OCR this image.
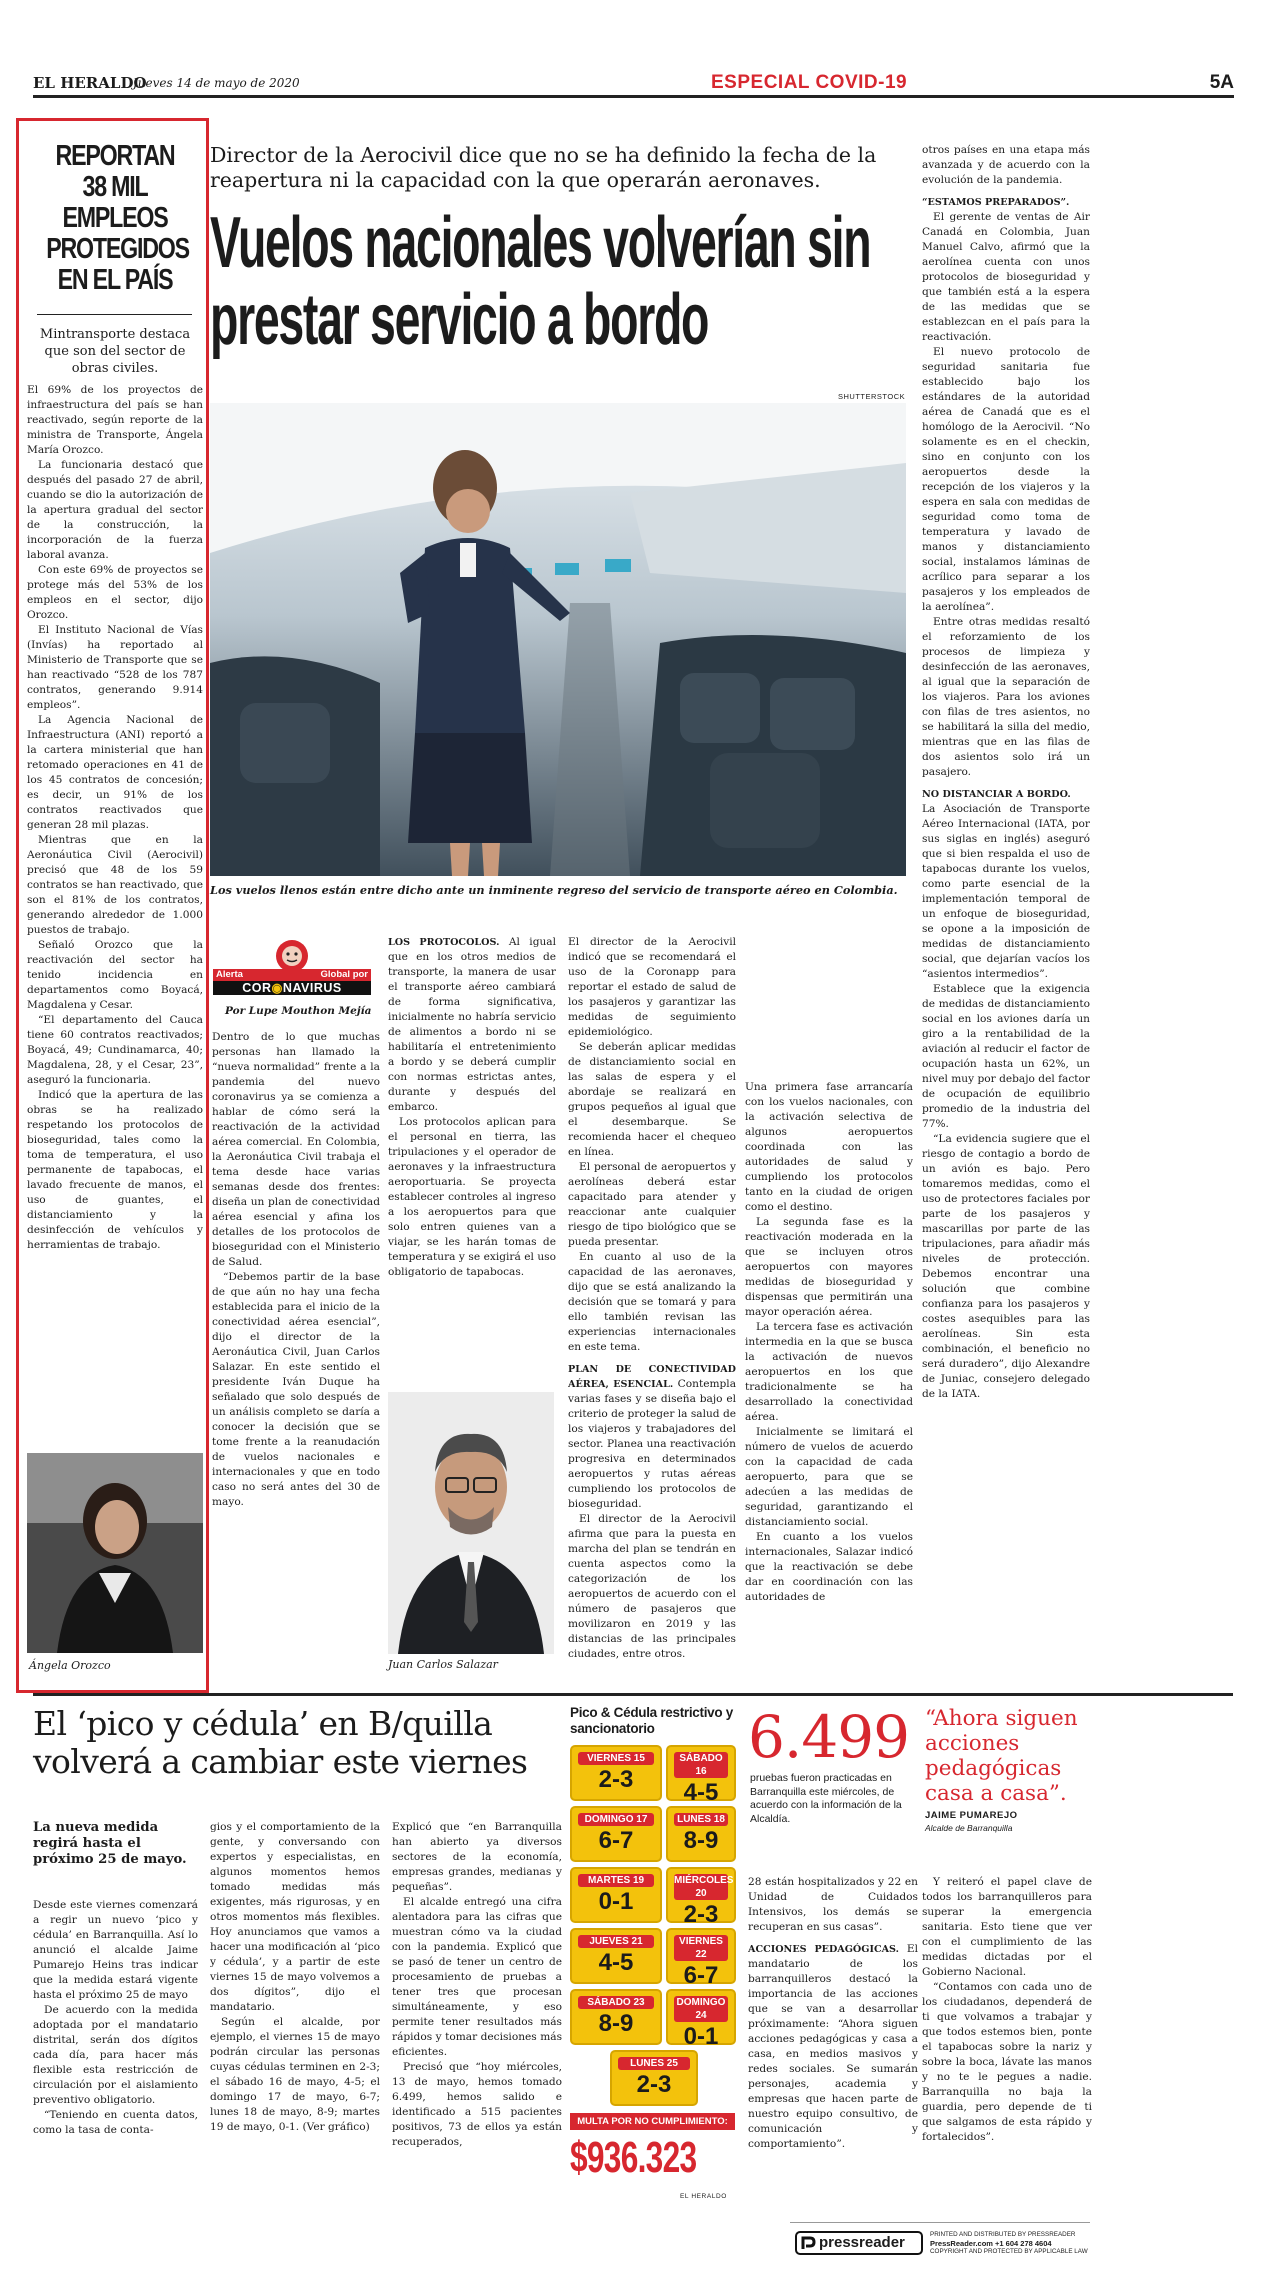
EL HERALDO
Jueves 14 de mayo de 2020	ESPECIAL COVID-19	5A
REPORTAN 38 MIL EMPLEOS PROTEGIDOS EN EL PAÍS
Mintransporte destaca que son del sector de obras civiles.

El 69% de los proyectos de infraestructura del país se han reactivado, según reporte de la ministra de Transporte, Ángela María Orozco.

La funcionaria destacó que después del pasado 27 de abril, cuando se dio la autorización de la apertura gradual del sector de la construcción, la incorporación de la fuerza laboral avanza.

Con este 69% de proyectos se protege más del 53% de los empleos en el sector, dijo Orozco.

El Instituto Nacional de Vías (Invías) ha reportado al Ministerio de Transporte que se han reactivado “528 de los 787 contratos, generando 9.914 empleos”.

La Agencia Nacional de Infraestructura (ANI) reportó a la cartera ministerial que han retomado operaciones en 41 de los 45 contratos de concesión; es decir, un 91% de los contratos reactivados que generan 28 mil plazas.

Mientras que en la Aeronáutica Civil (Aerocivil) precisó que 48 de los 59 contratos se han reactivado, que son el 81% de los contratos, generando alrededor de 1.000 puestos de trabajo.

Señaló Orozco que la reactivación del sector ha tenido incidencia en departamentos como Boyacá, Magdalena y Cesar.

“El departamento del Cauca tiene 60 contratos reactivados; Boyacá, 49; Cundinamarca, 40; Magdalena, 28, y el Cesar, 23”, aseguró la funcionaria.

Indicó que la apertura de las obras se ha realizado respetando los protocolos de bioseguridad, tales como la toma de temperatura, el uso permanente de tapabocas, el lavado frecuente de manos, el uso de guantes, el distanciamiento y la desinfección de vehículos y herramientas de trabajo.

Ángela Orozco
Director de la Aerocivil dice que no se ha definido la fecha de la reapertura ni la capacidad con la que operarán aeronaves.
Vuelos nacionales volverían sin prestar servicio a bordo
SHUTTERSTOCK
Los vuelos llenos están entre dicho ante un inminente regreso del servicio de transporte aéreo en Colombia.
Alerta	Global por
COR◉NAVIRUS
Por Lupe Mouthon Mejía

Dentro de lo que muchas personas han llamado la “nueva normalidad” frente a la pandemia del nuevo coronavirus ya se comienza a hablar de cómo será la reactivación de la actividad aérea comercial. En Colombia, la Aeronáutica Civil trabaja el tema desde hace varias semanas desde dos frentes: diseña un plan de conectividad aérea esencial y afina los detalles de los protocolos de bioseguridad con el Ministerio de Salud.

“Debemos partir de la base de que aún no hay una fecha establecida para el inicio de la conectividad aérea esencial”, dijo el director de la Aeronáutica Civil, Juan Carlos Salazar. En este sentido el presidente Iván Duque ha señalado que solo después de un análisis completo se daría a conocer la decisión que se tome frente a la reanudación de vuelos nacionales e internacionales y que en todo caso no será antes del 30 de mayo.

LOS PROTOCOLOS. Al igual que en los otros medios de transporte, la manera de usar el transporte aéreo cambiará de forma significativa, inicialmente no habría servicio de alimentos a bordo ni se habilitaría el entretenimiento a bordo y se deberá cumplir con normas estrictas antes, durante y después del embarco.

Los protocolos aplican para el personal en tierra, las tripulaciones y el operador de aeronaves y la infraestructura aeroportuaria. Se proyecta establecer controles al ingreso a los aeropuertos para que solo entren quienes van a viajar, se les harán tomas de temperatura y se exigirá el uso obligatorio de tapabocas.

Juan Carlos Salazar

El director de la Aerocivil indicó que se recomendará el uso de la Coronapp para reportar el estado de salud de los pasajeros y garantizar las medidas de seguimiento epidemiológico.

Se deberán aplicar medidas de distanciamiento social en las salas de espera y el abordaje se realizará en grupos pequeños al igual que el desembarque. Se recomienda hacer el chequeo en línea.

El personal de aeropuertos y aerolíneas deberá estar capacitado para atender y reaccionar ante cualquier riesgo de tipo biológico que se pueda presentar.

En cuanto al uso de la capacidad de las aeronaves, dijo que se está analizando la decisión que se tomará y para ello también revisan las experiencias internacionales en este tema.

PLAN DE CONECTIVIDAD AÉREA, ESENCIAL. Contempla varias fases y se diseña bajo el criterio de proteger la salud de los viajeros y trabajadores del sector. Planea una reactivación progresiva en determinados aeropuertos y rutas aéreas cumpliendo los protocolos de bioseguridad.

El director de la Aerocivil afirma que para la puesta en marcha del plan se tendrán en cuenta aspectos como la categorización de los aeropuertos de acuerdo con el número de pasajeros que movilizaron en 2019 y las distancias de las principales ciudades, entre otros.

Una primera fase arrancaría con los vuelos nacionales, con la activación selectiva de algunos aeropuertos coordinada con las autoridades de salud y cumpliendo los protocolos tanto en la ciudad de origen como el destino.

La segunda fase es la reactivación moderada en la que se incluyen otros aeropuertos con mayores medidas de bioseguridad y dispensas que permitirán una mayor operación aérea.

La tercera fase es activación intermedia en la que se busca la activación de nuevos aeropuertos en los que tradicionalmente se ha desarrollado la conectividad aérea.

Inicialmente se limitará el número de vuelos de acuerdo con la capacidad de cada aeropuerto, para que se adecúen a las medidas de seguridad, garantizando el distanciamiento social.

En cuanto a los vuelos internacionales, Salazar indicó que la reactivación se debe dar en coordinación con las autoridades de

otros países en una etapa más avanzada y de acuerdo con la evolución de la pandemia.

“ESTAMOS PREPARADOS”.

El gerente de ventas de Air Canadá en Colombia, Juan Manuel Calvo, afirmó que la aerolínea cuenta con unos protocolos de bioseguridad y que también está a la espera de las medidas que se establezcan en el país para la reactivación.

El nuevo protocolo de seguridad sanitaria fue establecido bajo los estándares de la autoridad aérea de Canadá que es el homólogo de la Aerocivil. “No solamente es en el checkin, sino en conjunto con los aeropuertos desde la recepción de los viajeros y la espera en sala con medidas de seguridad como toma de temperatura y lavado de manos y distanciamiento social, instalamos láminas de acrílico para separar a los pasajeros y los empleados de la aerolínea”.

Entre otras medidas resaltó el reforzamiento de los procesos de limpieza y desinfección de las aeronaves, al igual que la separación de los viajeros. Para los aviones con filas de tres asientos, no se habilitará la silla del medio, mientras que en las filas de dos asientos solo irá un pasajero.

NO DISTANCIAR A BORDO.

La Asociación de Transporte Aéreo Internacional (IATA, por sus siglas en inglés) aseguró que si bien respalda el uso de tapabocas durante los vuelos, como parte esencial de la implementación temporal de un enfoque de bioseguridad, se opone a la imposición de medidas de distanciamiento social, que dejarían vacíos los “asientos intermedios”.

Establece que la exigencia de medidas de distanciamiento social en los aviones daría un giro a la rentabilidad de la aviación al reducir el factor de ocupación hasta un 62%, un nivel muy por debajo del factor de ocupación de equilibrio promedio de la industria del 77%.

“La evidencia sugiere que el riesgo de contagio a bordo de un avión es bajo. Pero tomaremos medidas, como el uso de protectores faciales por parte de los pasajeros y mascarillas por parte de las tripulaciones, para añadir más niveles de protección. Debemos encontrar una solución que combine confianza para los pasajeros y costes asequibles para las aerolíneas. Sin esta combinación, el beneficio no será duradero”, dijo Alexandre de Juniac, consejero delegado de la IATA.

El ‘pico y cédula’ en B/quilla volverá a cambiar este viernes
La nueva medida regirá hasta el próximo 25 de mayo.

Desde este viernes comenzará a regir un nuevo ‘pico y cédula’ en Barranquilla. Así lo anunció el alcalde Jaime Pumarejo Heins tras indicar que la medida estará vigente hasta el próximo 25 de mayo

De acuerdo con la medida adoptada por el mandatario distrital, serán dos dígitos cada día, para hacer más flexible esta restricción de circulación por el aislamiento preventivo obligatorio.

“Teniendo en cuenta datos, como la tasa de conta-

gios y el comportamiento de la gente, y conversando con expertos y especialistas, en algunos momentos hemos tomado medidas más exigentes, más rigurosas, y en otros momentos más flexibles. Hoy anunciamos que vamos a hacer una modificación al ‘pico y cédula’, y a partir de este viernes 15 de mayo volvemos a dos dígitos”, dijo el mandatario.

Según el alcalde, por ejemplo, el viernes 15 de mayo podrán circular las personas cuyas cédulas terminen en 2-3; el sábado 16 de mayo, 4-5; el domingo 17 de mayo, 6-7; lunes 18 de mayo, 8-9; martes 19 de mayo, 0-1. (Ver gráfico)

Explicó que “en Barranquilla han abierto ya diversos sectores de la economía, empresas grandes, medianas y pequeñas”.

El alcalde entregó una cifra alentadora para las cifras que muestran cómo va la ciudad con la pandemia. Explicó que se pasó de tener un centro de procesamiento de pruebas a tener tres que procesan simultáneamente, y eso permite tener resultados más rápidos y tomar decisiones más eficientes.

Precisó que “hoy miércoles, 13 de mayo, hemos tomado 6.499, hemos salido e identificado a 515 pacientes positivos, 73 de ellos ya están recuperados,

Pico & Cédula restrictivo y sancionatorio
VIERNES 15
2-3
SÁBADO 16
4-5
DOMINGO 17
6-7
LUNES 18
8-9
MARTES 19
0-1
MIÉRCOLES 20
2-3
JUEVES 21
4-5
VIERNES 22
6-7
SÁBADO 23
8-9
DOMINGO 24
0-1
LUNES 25
2-3
MULTA POR NO CUMPLIMIENTO:
$936.323
EL HERALDO
6.499
pruebas fueron practicadas en Barranquilla este miércoles, de acuerdo con la información de la Alcaldía.

28 están hospitalizados y 22 en Unidad de Cuidados Intensivos, los demás se recuperan en sus casas”.

ACCIONES PEDAGÓGICAS. El mandatario de los barranquilleros destacó la importancia de las acciones que se van a desarrollar próximamente: “Ahora siguen acciones pedagógicas y casa a casa, en medios masivos y redes sociales. Se sumarán personajes, academia y empresas que hacen parte de nuestro equipo consultivo, de comunicación y comportamiento”.

“Ahora siguen acciones pedagógicas casa a casa”.
JAIME PUMAREJO
Alcalde de Barranquilla

Y reiteró el papel clave de todos los barranquilleros para superar la emergencia sanitaria. Esto tiene que ver con el cumplimiento de las medidas dictadas por el Gobierno Nacional.

“Contamos con cada uno de los ciudadanos, dependerá de ti que volvamos a trabajar y que todos estemos bien, ponte el tapabocas sobre la nariz y sobre la boca, lávate las manos y no te le pegues a nadie. Barranquilla no baja la guardia, pero depende de ti que salgamos de esta rápido y fortalecidos”.

pressreader	PRINTED AND DISTRIBUTED BY PRESSREADER
PressReader.com +1 604 278 4604
COPYRIGHT AND PROTECTED BY APPLICABLE LAW
